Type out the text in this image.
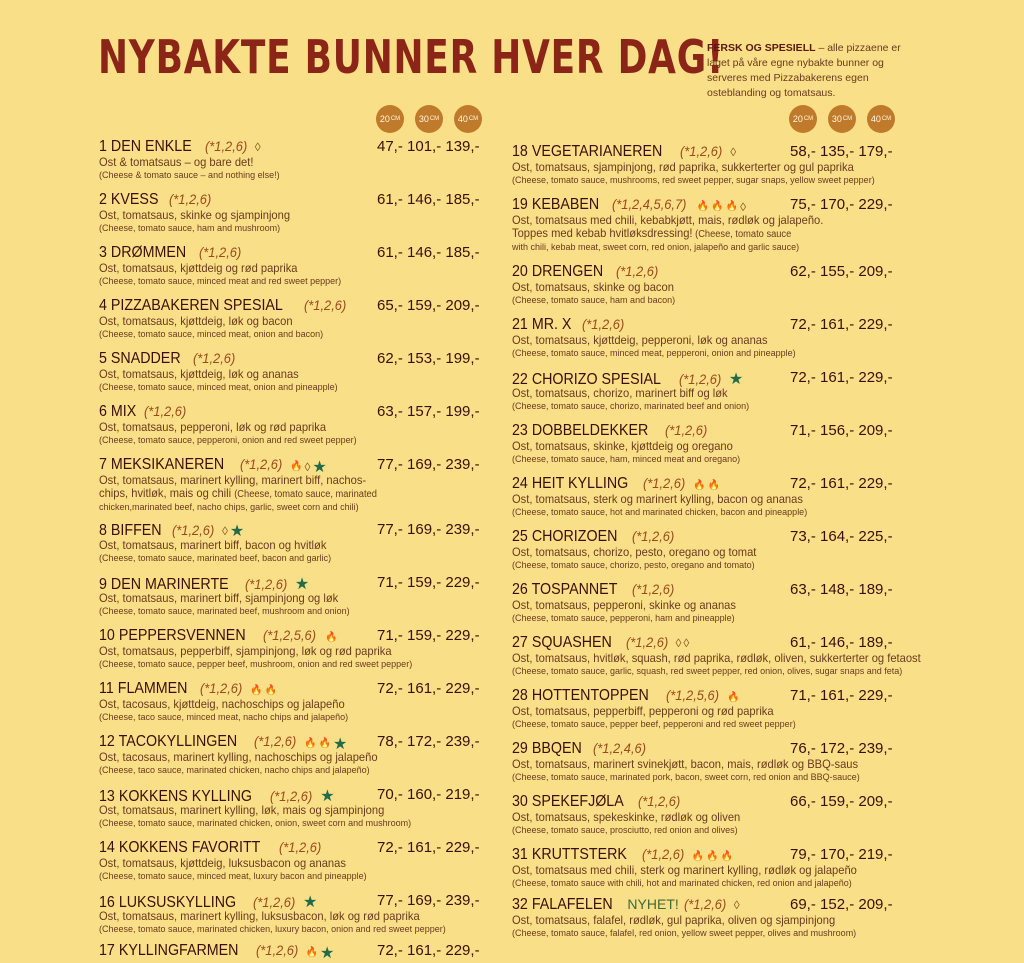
NYBAKTE BUNNER HVER DAG!
FERSK OG SPESIELL – alle pizzaene er laget på våre egne nybakte bunner og serveres med Pizzabakerens egen osteblanding og tomatsaus.
20 CM 30 CM 40 CM	20 CM 30 CM 40 CM
1 DEN ENKLE (*1,2,6) ◊	47,- 101,- 139,-
Ost & tomatsaus – og bare det!
(Cheese & tomato sauce – and nothing else!)
2 KVESS (*1,2,6)	61,- 146,- 185,-
Ost, tomatsaus, skinke og sjampinjong
(Cheese, tomato sauce, ham and mushroom)
3 DRØMMEN (*1,2,6)	61,- 146,- 185,-
Ost, tomatsaus, kjøttdeig og rød paprika
(Cheese, tomato sauce, minced meat and red sweet pepper)
4 PIZZABAKEREN SPESIAL (*1,2,6) 65,- 159,- 209,-
Ost, tomatsaus, kjøttdeig, løk og bacon
(Cheese, tomato sauce, minced meat, onion and bacon)
5 SNADDER (*1,2,6)	62,- 153,- 199,-
Ost, tomatsaus, kjøttdeig, løk og ananas
(Cheese, tomato sauce, minced meat, onion and pineapple)
6 MIX (*1,2,6)	63,- 157,- 199,-
Ost, tomatsaus, pepperoni, løk og rød paprika
(Cheese, tomato sauce, pepperoni, onion and red sweet pepper)
7 MEKSIKANEREN (*1,2,6) 🔥 ◊ ★	77,- 169,- 239,-
Ost, tomatsaus, marinert kylling, marinert biff, nachos-
chips, hvitløk, mais og chili (Cheese, tomato sauce, marinated
chicken,marinated beef, nacho chips, garlic, sweet corn and chili)
8 BIFFEN (*1,2,6) ◊ ★	77,- 169,- 239,-
Ost, tomatsaus, marinert biff, bacon og hvitløk
(Cheese, tomato sauce, marinated beef, bacon and garlic)
9 DEN MARINERTE (*1,2,6) ★	71,- 159,- 229,-
Ost, tomatsaus, marinert biff, sjampinjong og løk
(Cheese, tomato sauce, marinated beef, mushroom and onion)
10 PEPPERSVENNEN (*1,2,5,6) 🔥	71,- 159,- 229,-
Ost, tomatsaus, pepperbiff, sjampinjong, løk og rød paprika
(Cheese, tomato sauce, pepper beef, mushroom, onion and red sweet pepper)
11 FLAMMEN (*1,2,6) 🔥 🔥	72,- 161,- 229,-
Ost, tacosaus, kjøttdeig, nachoschips og jalapeño
(Cheese, taco sauce, minced meat, nacho chips and jalapeño)
12 TACOKYLLINGEN (*1,2,6) 🔥 🔥 ★ 78,- 172,- 239,-
Ost, tacosaus, marinert kylling, nachoschips og jalapeño
(Cheese, taco sauce, marinated chicken, nacho chips and jalapeño)
13 KOKKENS KYLLING (*1,2,6) ★	70,- 160,- 219,-
Ost, tomatsaus, marinert kylling, løk, mais og sjampinjong
(Cheese, tomato sauce, marinated chicken, onion, sweet corn and mushroom)
14 KOKKENS FAVORITT (*1,2,6)	72,- 161,- 229,-
Ost, tomatsaus, kjøttdeig, luksusbacon og ananas
(Cheese, tomato sauce, minced meat, luxury bacon and pineapple)
16 LUKSUSKYLLING (*1,2,6) ★	77,- 169,- 239,-
Ost, tomatsaus, marinert kylling, luksusbacon, løk og rød paprika
(Cheese, tomato sauce, marinated chicken, luxury bacon, onion and red sweet pepper)
17 KYLLINGFARMEN (*1,2,6) 🔥 ★	72,- 161,- 229,-
18 VEGETARIANEREN (*1,2,6) ◊	58,- 135,- 179,-
Ost, tomatsaus, sjampinjong, rød paprika, sukkerterter og gul paprika
(Cheese, tomato sauce, mushrooms, red sweet pepper, sugar snaps, yellow sweet pepper)
19 KEBABEN (*1,2,4,5,6,7) 🔥 🔥 🔥 ◊	75,- 170,- 229,-
Ost, tomatsaus med chili, kebabkjøtt, mais, rødløk og jalapeño.
Toppes med kebab hvitløksdressing! (Cheese, tomato sauce
with chili, kebab meat, sweet corn, red onion, jalapeño and garlic sauce)
20 DRENGEN (*1,2,6)	62,- 155,- 209,-
Ost, tomatsaus, skinke og bacon
(Cheese, tomato sauce, ham and bacon)
21 MR. X (*1,2,6)	72,- 161,- 229,-
Ost, tomatsaus, kjøttdeig, pepperoni, løk og ananas
(Cheese, tomato sauce, minced meat, pepperoni, onion and pineapple)
22 CHORIZO SPESIAL (*1,2,6) ★	72,- 161,- 229,-
Ost, tomatsaus, chorizo, marinert biff og løk
(Cheese, tomato sauce, chorizo, marinated beef and onion)
23 DOBBELDEKKER (*1,2,6)	71,- 156,- 209,-
Ost, tomatsaus, skinke, kjøttdeig og oregano
(Cheese, tomato sauce, ham, minced meat and oregano)
24 HEIT KYLLING (*1,2,6) 🔥 🔥	72,- 161,- 229,-
Ost, tomatsaus, sterk og marinert kylling, bacon og ananas
(Cheese, tomato sauce, hot and marinated chicken, bacon and pineapple)
25 CHORIZOEN (*1,2,6)	73,- 164,- 225,-
Ost, tomatsaus, chorizo, pesto, oregano og tomat
(Cheese, tomato sauce, chorizo, pesto, oregano and tomato)
26 TOSPANNET (*1,2,6)	63,- 148,- 189,-
Ost, tomatsaus, pepperoni, skinke og ananas
(Cheese, tomato sauce, pepperoni, ham and pineapple)
27 SQUASHEN (*1,2,6) ◊ ◊	61,- 146,- 189,-
Ost, tomatsaus, hvitløk, squash, rød paprika, rødløk, oliven, sukkerterter og fetaost
(Cheese, tomato sauce, garlic, squash, red sweet pepper, red onion, olives, sugar snaps and feta)
28 HOTTENTOPPEN (*1,2,5,6) 🔥	71,- 161,- 229,-
Ost, tomatsaus, pepperbiff, pepperoni og rød paprika
(Cheese, tomato sauce, pepper beef, pepperoni and red sweet pepper)
29 BBQEN (*1,2,4,6)	76,- 172,- 239,-
Ost, tomatsaus, marinert svinekjøtt, bacon, mais, rødløk og BBQ-saus
(Cheese, tomato sauce, marinated pork, bacon, sweet corn, red onion and BBQ-sauce)
30 SPEKEFJØLA (*1,2,6)	66,- 159,- 209,-
Ost, tomatsaus, spekeskinke, rødløk og oliven
(Cheese, tomato sauce, prosciutto, red onion and olives)
31 KRUTTSTERK (*1,2,6) 🔥 🔥 🔥	79,- 170,- 219,-
Ost, tomatsaus med chili, sterk og marinert kylling, rødløk og jalapeño
(Cheese, tomato sauce with chili, hot and marinated chicken, red onion and jalapeño)
32 FALAFELEN NYHET! (*1,2,6) ◊	69,- 152,- 209,-
Ost, tomatsaus, falafel, rødløk, gul paprika, oliven og sjampinjong
(Cheese, tomato sauce, falafel, red onion, yellow sweet pepper, olives and mushroom)
